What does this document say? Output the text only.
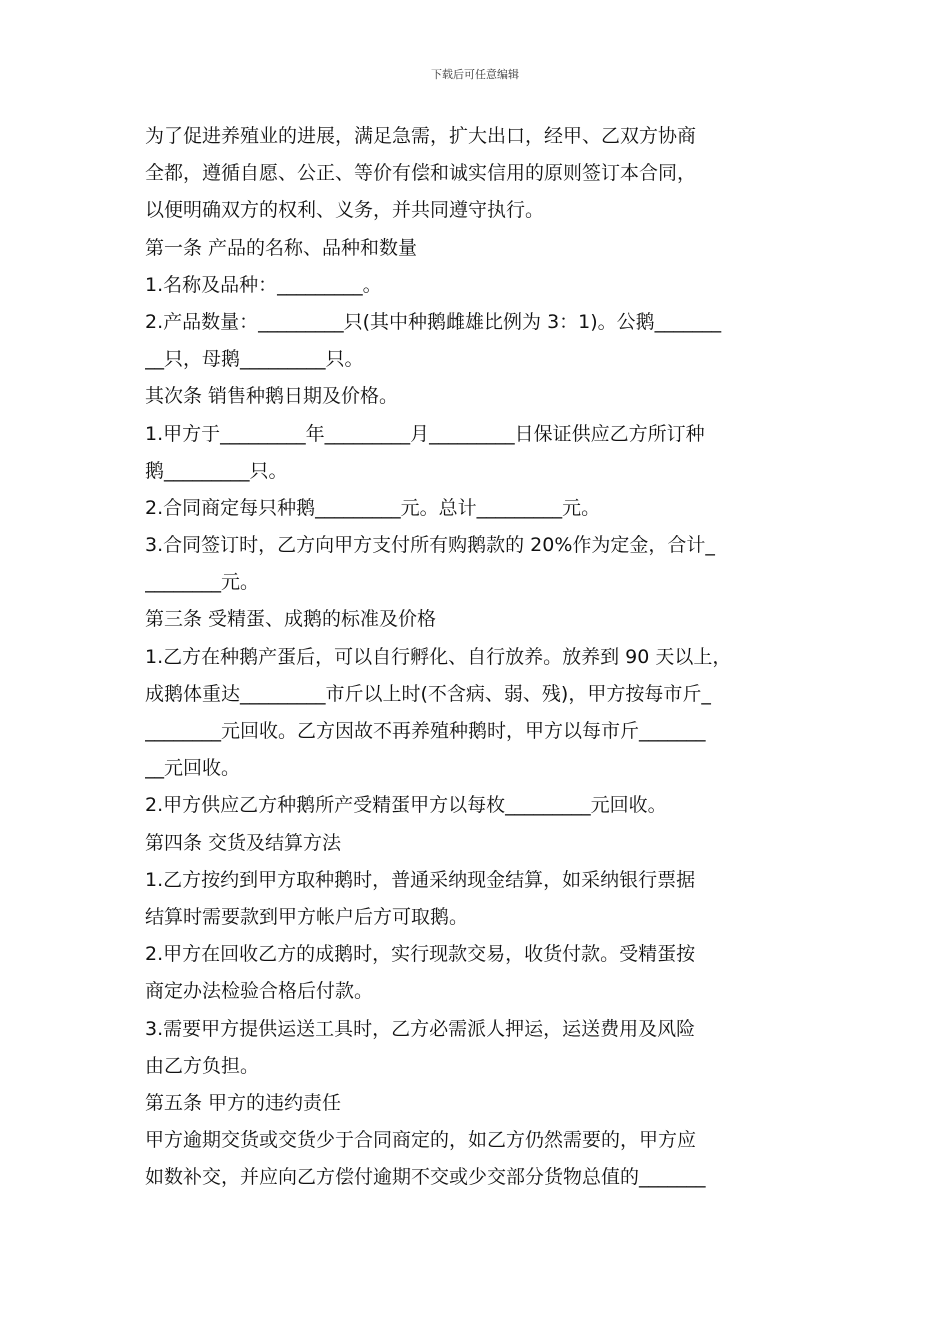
下载后可任意编辑
为了促进养殖业的进展，满足急需，扩大出口，经甲、乙双方协商
全都，遵循自愿、公正、等价有偿和诚实信用的原则签订本合同，
以便明确双方的权利、义务，并共同遵守执行。
第一条 产品的名称、品种和数量
1.名称及品种：_________。
2.产品数量：_________只(其中种鹅雌雄比例为 3：1)。公鹅_______
__只，母鹅_________只。
其次条 销售种鹅日期及价格。
1.甲方于_________年_________月_________日保证供应乙方所订种
鹅_________只。
2.合同商定每只种鹅_________元。总计_________元。
3.合同签订时，乙方向甲方支付所有购鹅款的 20%作为定金，合计_
________元。
第三条 受精蛋、成鹅的标准及价格
1.乙方在种鹅产蛋后，可以自行孵化、自行放养。放养到 90 天以上，
成鹅体重达_________市斤以上时(不含病、弱、残)，甲方按每市斤_
________元回收。乙方因故不再养殖种鹅时，甲方以每市斤_______
__元回收。
2.甲方供应乙方种鹅所产受精蛋甲方以每枚_________元回收。
第四条 交货及结算方法
1.乙方按约到甲方取种鹅时，普通采纳现金结算，如采纳银行票据
结算时需要款到甲方帐户后方可取鹅。
2.甲方在回收乙方的成鹅时，实行现款交易，收货付款。受精蛋按
商定办法检验合格后付款。
3.需要甲方提供运送工具时，乙方必需派人押运，运送费用及风险
由乙方负担。
第五条 甲方的违约责任
甲方逾期交货或交货少于合同商定的，如乙方仍然需要的，甲方应
如数补交，并应向乙方偿付逾期不交或少交部分货物总值的_______
